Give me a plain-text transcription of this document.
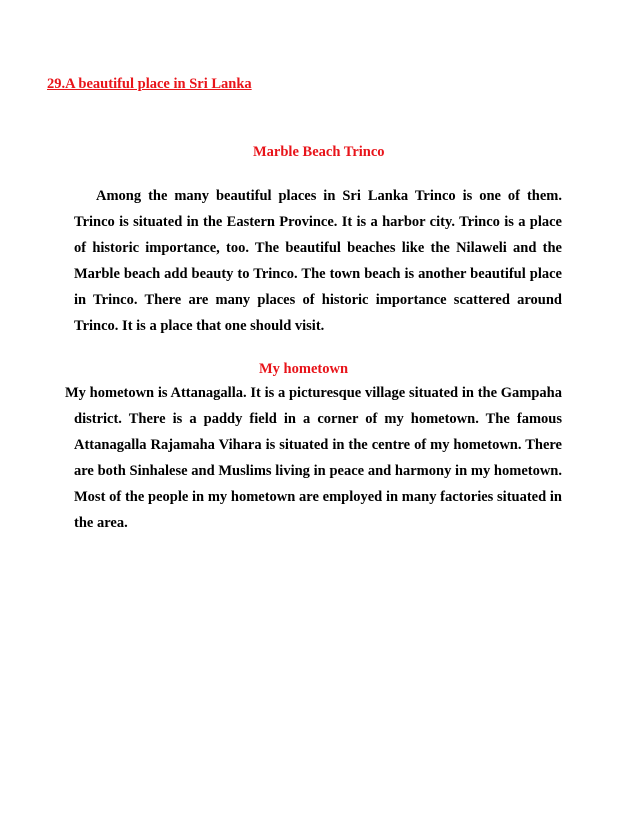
29.A beautiful place in Sri Lanka
Marble Beach Trinco

Among the many beautiful places in Sri Lanka Trinco is one of them. Trinco is situated in the Eastern Province. It is a harbor city. Trinco is a place of historic importance, too. The beautiful beaches like the Nilaweli and the Marble beach add beauty to Trinco. The town beach is another beautiful place in Trinco. There are many places of historic importance scattered around Trinco. It is a place that one should visit.

My hometown

My hometown is Attanagalla. It is a picturesque village situated in the Gampaha district. There is a paddy field in a corner of my hometown. The famous Attanagalla Rajamaha Vihara is situated in the centre of my hometown. There are both Sinhalese and Muslims living in peace and harmony in my hometown. Most of the people in my hometown are employed in many factories situated in the area.
